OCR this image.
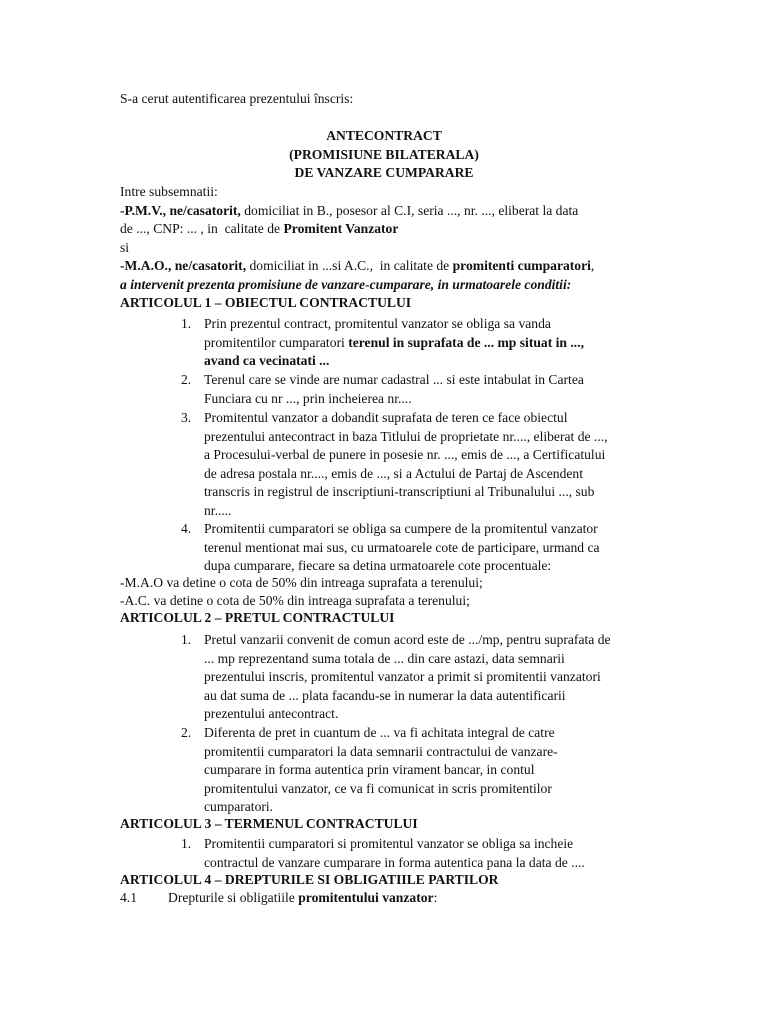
S-a cerut autentificarea prezentului înscris:
ANTECONTRACT
(PROMISIUNE BILATERALA)
DE VANZARE CUMPARARE
Intre subsemnatii:
-P.M.V., ne/casatorit, domiciliat in B., posesor al C.I, seria ..., nr. ..., eliberat la data
de ..., CNP: ... , in  calitate de Promitent Vanzator
si
-M.A.O., ne/casatorit, domiciliat in ...si A.C.,  in calitate de promitenti cumparatori,
a intervenit prezenta promisiune de vanzare-cumparare, in urmatoarele conditii:
ARTICOLUL 1 – OBIECTUL CONTRACTULUI
1. Prin prezentul contract, promitentul vanzator se obliga sa vanda
promitentilor cumparatori terenul in suprafata de ... mp situat in ...,
avand ca vecinatati ...
2. Terenul care se vinde are numar cadastral ... si este intabulat in Cartea
Funciara cu nr ..., prin incheierea nr....
3. Promitentul vanzator a dobandit suprafata de teren ce face obiectul
prezentului antecontract in baza Titlului de proprietate nr...., eliberat de ...,
a Procesului-verbal de punere in posesie nr. ..., emis de ..., a Certificatului
de adresa postala nr...., emis de ..., si a Actului de Partaj de Ascendent
transcris in registrul de inscriptiuni-transcriptiuni al Tribunalului ..., sub
nr.....
4. Promitentii cumparatori se obliga sa cumpere de la promitentul vanzator
terenul mentionat mai sus, cu urmatoarele cote de participare, urmand ca
dupa cumparare, fiecare sa detina urmatoarele cote procentuale:
-M.A.O va detine o cota de 50% din intreaga suprafata a terenului;
-A.C. va detine o cota de 50% din intreaga suprafata a terenului;
ARTICOLUL 2 – PRETUL CONTRACTULUI
1. Pretul vanzarii convenit de comun acord este de .../mp, pentru suprafata de
... mp reprezentand suma totala de ... din care astazi, data semnarii
prezentului inscris, promitentul vanzator a primit si promitentii vanzatori
au dat suma de ... plata facandu-se in numerar la data autentificarii
prezentului antecontract.
2. Diferenta de pret in cuantum de ... va fi achitata integral de catre
promitentii cumparatori la data semnarii contractului de vanzare-
cumparare in forma autentica prin virament bancar, in contul
promitentului vanzator, ce va fi comunicat in scris promitentilor
cumparatori.
ARTICOLUL 3 – TERMENUL CONTRACTULUI
1. Promitentii cumparatori si promitentul vanzator se obliga sa incheie
contractul de vanzare cumparare in forma autentica pana la data de ....
ARTICOLUL 4 – DREPTURILE SI OBLIGATIILE PARTILOR
4.1 Drepturile si obligatiile promitentului vanzator:
